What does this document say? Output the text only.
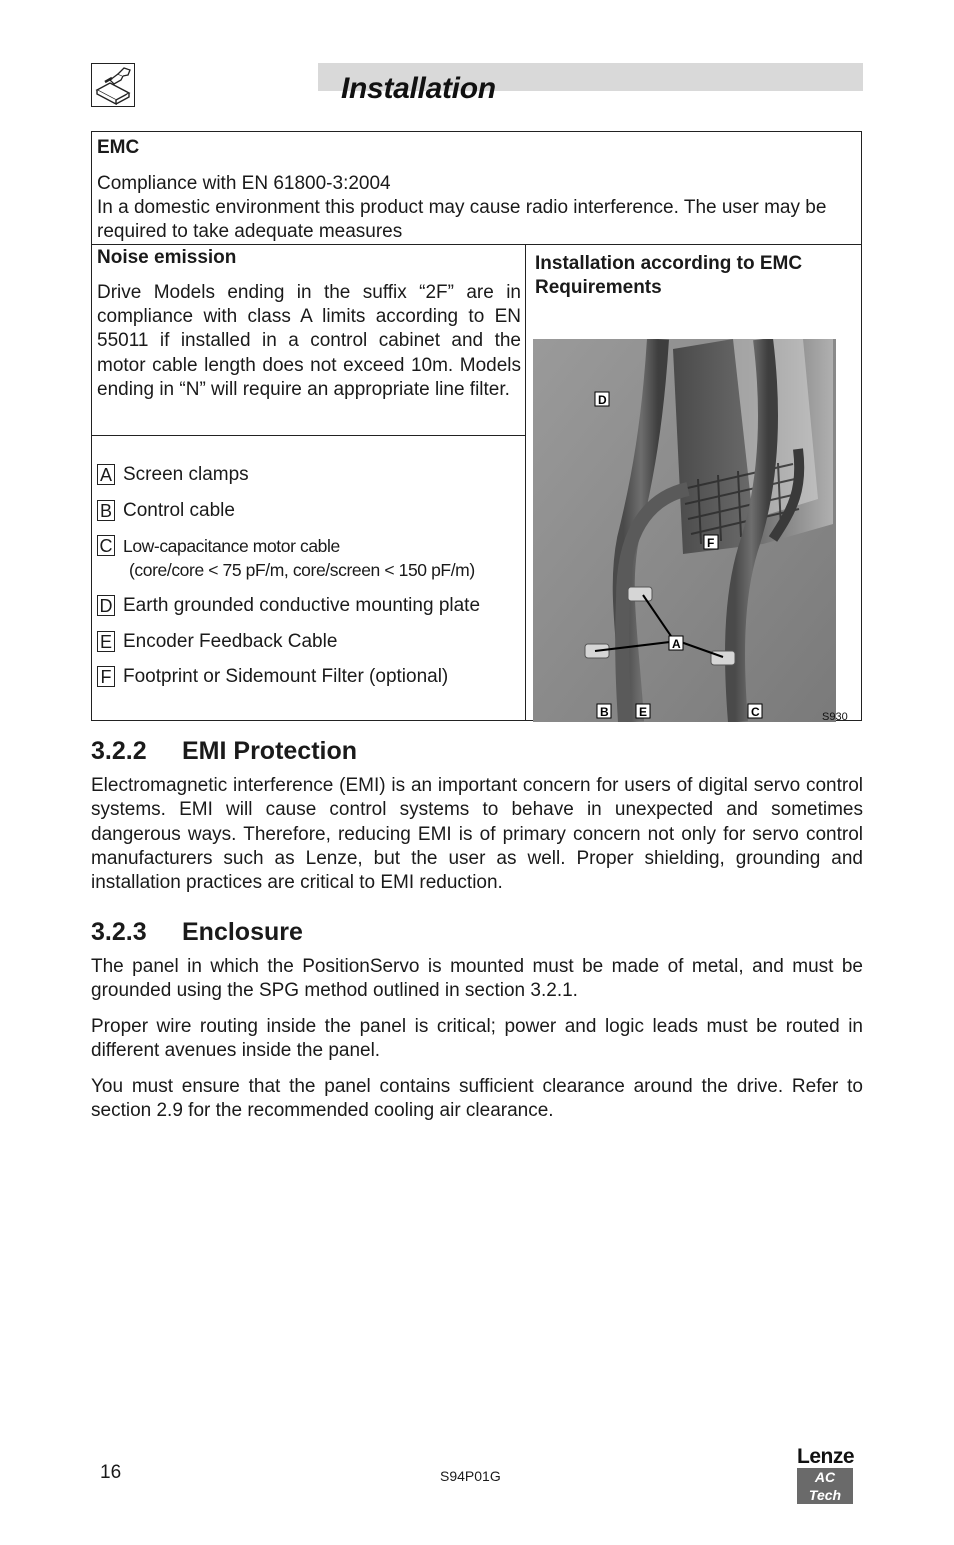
Installation
EMC
Compliance with EN 61800-3:2004
In a domestic environment this product may cause radio interference. The user may be required to take adequate measures
Noise emission
Drive Models ending in the suffix “2F” are in compliance with class A limits according to EN 55011 if installed in a control cabinet and the motor cable length does not exceed 10m. Models ending in “N” will require an appropriate line filter.
A Screen clamps
B Control cable
C Low-capacitance motor cable
(core/core < 75 pF/m, core/screen < 150 pF/m)
D Earth grounded conductive mounting plate
E Encoder Feedback Cable
F Footprint or Sidemount Filter (optional)
Installation according to EMC Requirements
D
F
A
B	E	C	S930
3.2.2 EMI Protection
Electromagnetic interference (EMI) is an important concern for users of digital servo control systems. EMI will cause control systems to behave in unexpected and sometimes dangerous ways. Therefore, reducing EMI is of primary concern not only for servo control manufacturers such as Lenze, but the user as well. Proper shielding, grounding and installation practices are critical to EMI reduction.
3.2.3 Enclosure
The panel in which the PositionServo is mounted must be made of metal, and must be grounded using the SPG method outlined in section 3.2.1.
Proper wire routing inside the panel is critical; power and logic leads must be routed in different avenues inside the panel.
You must ensure that the panel contains sufficient clearance around the drive. Refer to section 2.9 for the recommended cooling air clearance.
16	S94P01G
Lenze
AC Tech
